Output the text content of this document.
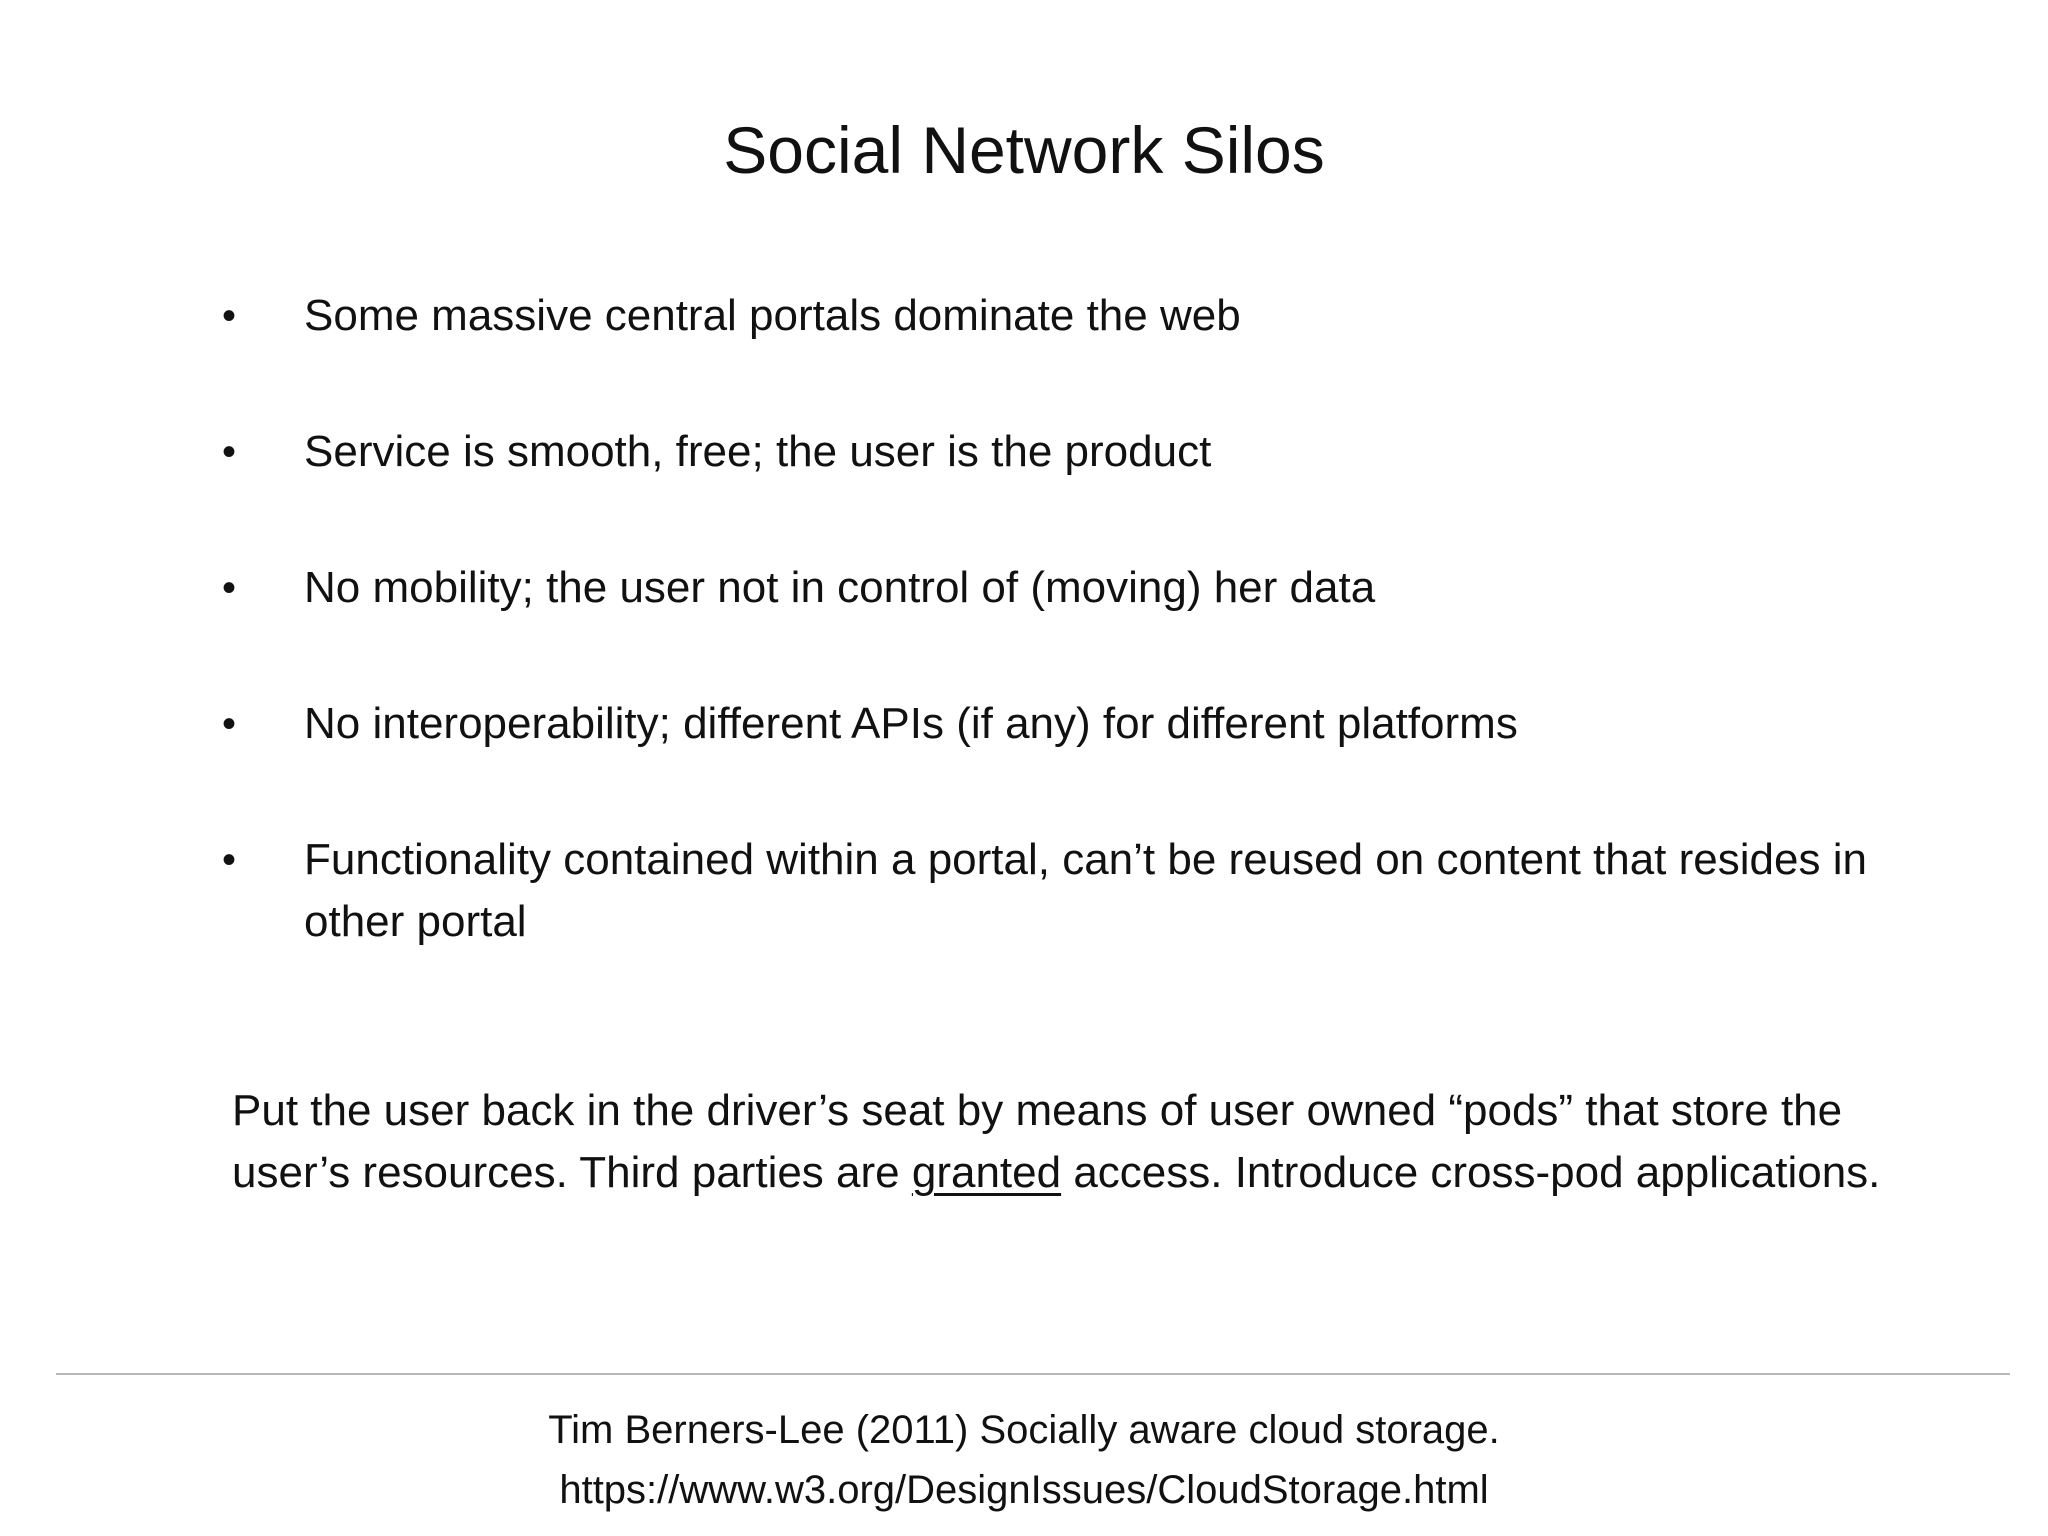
Social Network Silos
•	Some massive central portals dominate the web
•	Service is smooth, free; the user is the product
•	No mobility; the user not in control of (moving) her data
•	No interoperability; different APIs (if any) for different platforms
•	Functionality contained within a portal, can’t be reused on content that resides in other portal

Put the user back in the driver’s seat by means of user owned “pods” that store the user’s resources. Third parties are granted access. Introduce cross-pod applications.

Tim Berners-Lee (2011) Socially aware cloud storage.
https://www.w3.org/DesignIssues/CloudStorage.html
